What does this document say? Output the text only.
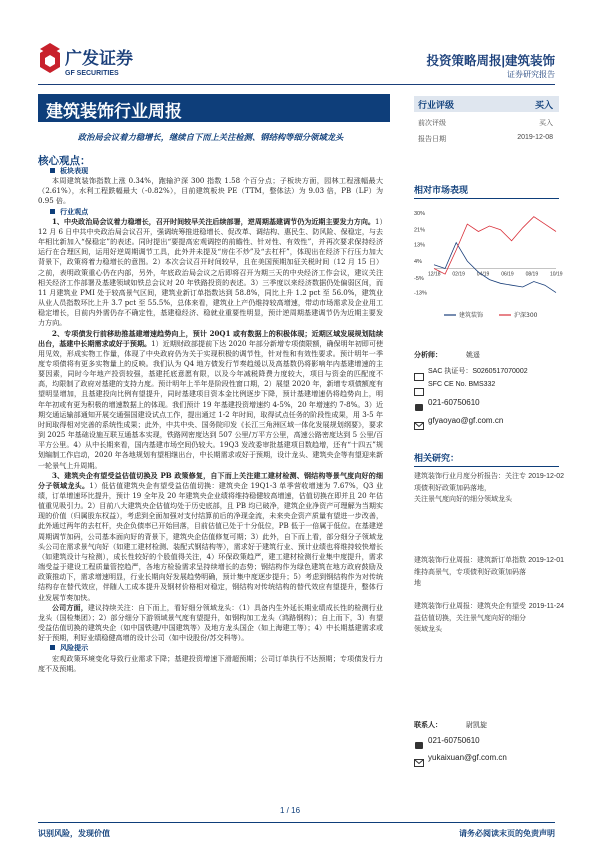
广发证券
GF SECURITIES
投资策略周报|建筑装饰
证券研究报告
建筑装饰行业周报
政治局会议着力稳增长，继续自下而上关注检测、钢结构等细分领域龙头
核心观点：

板块表现

本周建筑装饰指数上涨 0.34%，跑输沪深 300 指数 1.58 个百分点；子板块方面，园林工程涨幅最大（2.61%），水利工程跌幅最大（-0.82%），目前建筑板块 PE（TTM，整体法）为 9.03 倍，PB（LF）为 0.95 倍。

行业观点

1、中央政治局会议着力稳增长，召开时间较早关注后续部署，逆周期基建调节仍为近期主要发力方向。1）12 月 6 日中共中央政治局会议召开，强调统筹推进稳增长、促改革、调结构、惠民生、防风险、保稳定，与去年相比新加入“保稳定”的表述。同时提出“要提高宏观调控的前瞻性、针对性、有效性”，并再次要求保持经济运行在合理区间，运用好逆周期调节工具，此外并未提及“房住不炒”及“去杠杆”，体现出在经济下行压力加大背景下，政策将着力稳增长的意图。2）本次会议召开时间较早，且在美国预期加征关税时间（12 月 15 日）之前，表明政策重心仍在内部，另外，年底政治局会议之后即将召开为期三天的中央经济工作会议，建议关注相关经济工作部署及基建领域如铁总会议对 20 年铁路投资的表述。3）三季度以来经济数据仍处偏弱区间，而 11 月建筑业 PMI 处于较高景气区间，建筑业新订单指数达到 58.8%，同比上升 1.2 pct 至 56.0%，建筑业从业人员指数环比上升 3.7 pct 至 55.5%，总体来看，建筑业上产仍维持较高增速，带动市场需求及企业用工稳定增长，目前内外需仍存不确定性，基建稳经济、稳就业重要性明显，预计逆周期基建调节仍为近期主要发力方向。

2、专项债发行前移助推基建增速趋势向上，预计 20Q1 或有数据上的积极体现；近期区域发展规划陆续出台，基建中长期需求或好于预期。1）近期财政部提前下达 2020 年部分新增专项债限额，确保明年初即可使用见效，形成实物工作量，体现了中央政府仍为关于实现积极的调节性，针对性和有效性要求。预计明年一季度专项债将有更多实物量上的反映。我们认为 Q4 地方债发行节奏趋缓以及高基数仍将影响年内基建增速的主要因素，同时今年地产投资较强，基建托底意愿有限，以及今年减税降费力度较大，项目与资金的匹配度不高，均限制了政府对基建的支持力度。预计明年上半年是阶段性窗口期，2）展望 2020 年，新增专项债额度有望明显增加，且基建投向比例有望提升，同时基建项目资本金比例逐步下降，预计基建增速仍将趋势向上，明年年初或有更为积极的增速数据上的体现。我们预计 19 年基建投资增速约 4-5%，20 年增速约 7-8%。3）近期交通运输部通知开展交通强国建设试点工作，提出通过 1-2 年时间，取得试点任务的阶段性成果，用 3-5 年时间取得相对完善的系统性成果；此外，中共中央、国务院印发《长江三角洲区域一体化发展规划纲要》，要求到 2025 年基础设施互联互通基本实现，铁路网密度达到 507 公里/万平方公里，高速公路密度达到 5 公里/百平方公里。4）从中长期来看，国内基建市场空间仍较大。19Q3 发改委审批基建项目数趋增，还有“十四五”规划编制工作启动，2020 年各地规划有望相继出台，中长期需求或好于预期，设计龙头、建筑央企等有望迎来新一轮景气上升周期。

3、建筑央企有望受益估值切换及 PB 政策修复，自下而上关注建工建材检测、钢结构等景气度向好的细分子领域龙头。1）低估值建筑央企有望受益估值切换：建筑央企 19Q1-3 单季营收增速为 7.67%，Q3 业绩，订单增速环比提升，预计 19 全年及 20 年建筑央企业绩将维持稳健较高增速，估值切换在即并且 20 年估值重见吸引力。2）目前八大建筑央企估值均处于历史底部，且 PB 均已破净，建筑企业净资产可理解为当期实现的价值（归属股东权益），考虑到全面加强对支付结算前后的净现金流，未来央企资产质量有望进一步改善，此外通过两年的去杠杆，央企负债率已开始回落，目前估值已处于十分低位，PB 低于一倍属于低位。在基建逆周期调节加码，公司基本面向好的背景下，建筑央企估值修复可期；3）此外，自下而上看，部分细分子领域龙头公司在需求景气向好（如建工建材检测、装配式钢结构等），需求好于建筑行业、预计业绩也将维持较快增长（如建筑设计与检测），成长性较好的个股值得关注，4）环保政策趋严，建工建材检测行业集中度提升，需求端受益于建设工程质量管控趋严，各地方检验需求呈持续增长的态势；钢结构作为绿色建筑在地方政府鼓励及政策推动下，需求增速明显，行业长期向好发展趋势明确，预计集中度逐步提升；5）考虑到钢结构作为对传统结构存在替代效应，伴随人工成本提升及钢材价格相对稳定，钢结构对传统结构的替代效应有望提升，整体行业发展节奏加快。

公司方面，建议持续关注：自下而上，看好细分领域龙头：（1）具备内生外延长期业绩成长性的检测行业龙头（国检集团）；2）部分细分下游领域景气度有望提升，如钢构加工龙头（鸿路钢构）；自上而下，3）有望受益估值切换的建筑央企（如中国铁建/中国建筑等）及地方龙头国企（如上海建工等）；4）中长期基建需求或好于预期，利好业绩稳健高增的设计公司（如中设股份/苏交科等）。

风险提示

宏观政策环境变化导致行业需求下降；基建投资增速下滑超预期；公司订单执行不达预期；专项债发行力度不及预期。

行业评级	买入
前次评级	买入
报告日期	2019-12-08
相对市场表现
30%
21%
13%
4%
-5%
-13%
12/18 02/19 04/19 06/19 08/19 10/19
建筑装饰	沪深300
分析师：	姚遥
SAC 执证号：S0260517070002
SFC CE No. BMS332
021-60750610
gfyaoyao@gf.com.cn
相关研究：
建筑装饰行业月度分析报告：关注专项债利好政策加码落地，
2019-12-02
关注景气度向好的细分领域龙头
建筑装饰行业周报：建筑新订单指数维持高景气，专项债利好政策加码落地
2019-12-01
建筑装饰行业周报：建筑央企有望受益估值切换，关注景气度向好的细分领域龙头
2019-11-24
联系人：	尉凯旋
021-60750610
yukaixuan@gf.com.cn
1 / 16
识别风险，发现价值	请务必阅读末页的免责声明
